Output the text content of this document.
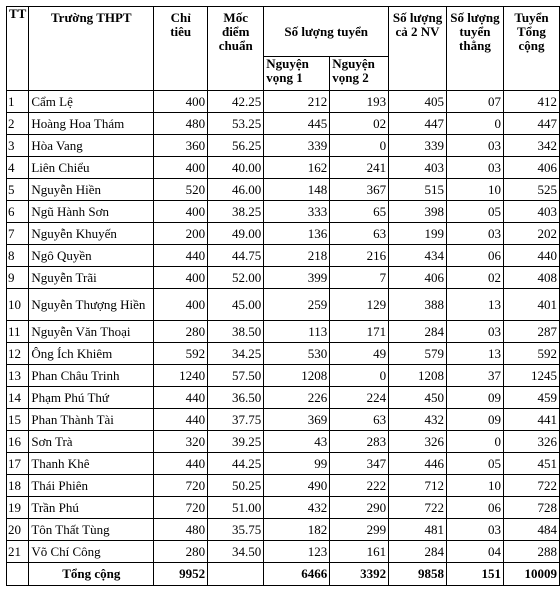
TT	Trường THPT	Chỉ tiêu	Mốc điểm chuẩn	Số lượng tuyển		Số lượng cả 2 NV	Số lượng tuyển thẳng	Tuyển Tổng cộng

				Nguyện vọng 1	Nguyện vọng 2			

1	Cẩm Lệ	400	42.25	212	193	405	07	412
2	Hoàng Hoa Thám	480	53.25	445	02	447	0	447
3	Hòa Vang	360	56.25	339	0	339	03	342
4	Liên Chiểu	400	40.00	162	241	403	03	406
5	Nguyễn Hiền	520	46.00	148	367	515	10	525
6	Ngũ Hành Sơn	400	38.25	333	65	398	05	403
7	Nguyễn Khuyến	200	49.00	136	63	199	03	202
8	Ngô Quyền	440	44.75	218	216	434	06	440
9	Nguyễn Trãi	400	52.00	399	7	406	02	408
10	Nguyễn Thượng Hiền	400	45.00	259	129	388	13	401
11	Nguyễn Văn Thoại	280	38.50	113	171	284	03	287
12	Ông Ích Khiêm	592	34.25	530	49	579	13	592
13	Phan Châu Trinh	1240	57.50	1208	0	1208	37	1245
14	Phạm Phú Thứ	440	36.50	226	224	450	09	459
15	Phan Thành Tài	440	37.75	369	63	432	09	441
16	Sơn Trà	320	39.25	43	283	326	0	326
17	Thanh Khê	440	44.25	99	347	446	05	451
18	Thái Phiên	720	50.25	490	222	712	10	722
19	Trần Phú	720	51.00	432	290	722	06	728
20	Tôn Thất Tùng	480	35.75	182	299	481	03	484
21	Võ Chí Công	280	34.50	123	161	284	04	288
	Tổng cộng	9952		6466	3392	9858	151	10009
